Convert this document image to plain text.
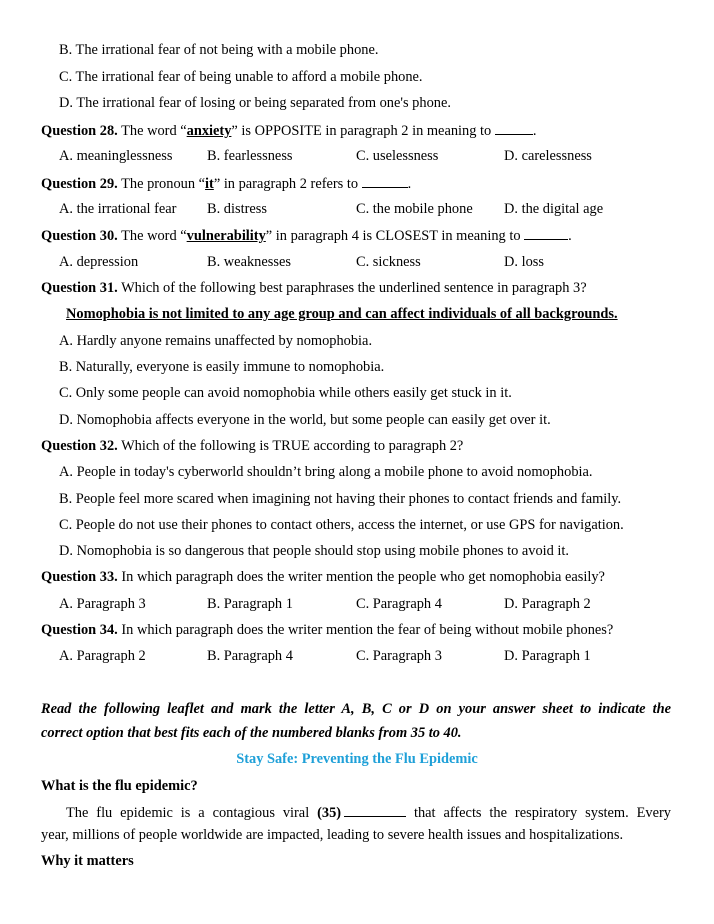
B. The irrational fear of not being with a mobile phone.
C. The irrational fear of being unable to afford a mobile phone.
D. The irrational fear of losing or being separated from one's phone.
Question 28. The word “anxiety” is OPPOSITE in paragraph 2 in meaning to	.
A. meaninglessness B. fearlessness	C. uselessness	D. carelessness
Question 29. The pronoun “it” in paragraph 2 refers to	.
A. the irrational fear B. distress	C. the mobile phone D. the digital age
Question 30. The word “vulnerability” in paragraph 4 is CLOSEST in meaning to	.
A. depression	B. weaknesses	C. sickness	D. loss
Question 31. Which of the following best paraphrases the underlined sentence in paragraph 3?
Nomophobia is not limited to any age group and can affect individuals of all backgrounds.
A. Hardly anyone remains unaffected by nomophobia.
B. Naturally, everyone is easily immune to nomophobia.
C. Only some people can avoid nomophobia while others easily get stuck in it.
D. Nomophobia affects everyone in the world, but some people can easily get over it.
Question 32. Which of the following is TRUE according to paragraph 2?
A. People in today's cyberworld shouldn’t bring along a mobile phone to avoid nomophobia.
B. People feel more scared when imagining not having their phones to contact friends and family.
C. People do not use their phones to contact others, access the internet, or use GPS for navigation.
D. Nomophobia is so dangerous that people should stop using mobile phones to avoid it.
Question 33. In which paragraph does the writer mention the people who get nomophobia easily?
A. Paragraph 3	B. Paragraph 1	C. Paragraph 4	D. Paragraph 2
Question 34. In which paragraph does the writer mention the fear of being without mobile phones?
A. Paragraph 2	B. Paragraph 4	C. Paragraph 3	D. Paragraph 1
Read the following leaflet and mark the letter A, B, C or D on your answer sheet to indicate the
correct option that best fits each of the numbered blanks from 35 to 40.
Stay Safe: Preventing the Flu Epidemic
What is the flu epidemic?
The flu epidemic is a contagious viral (35)	that affects the respiratory system. Every
year, millions of people worldwide are impacted, leading to severe health issues and hospitalizations.
Why it matters
